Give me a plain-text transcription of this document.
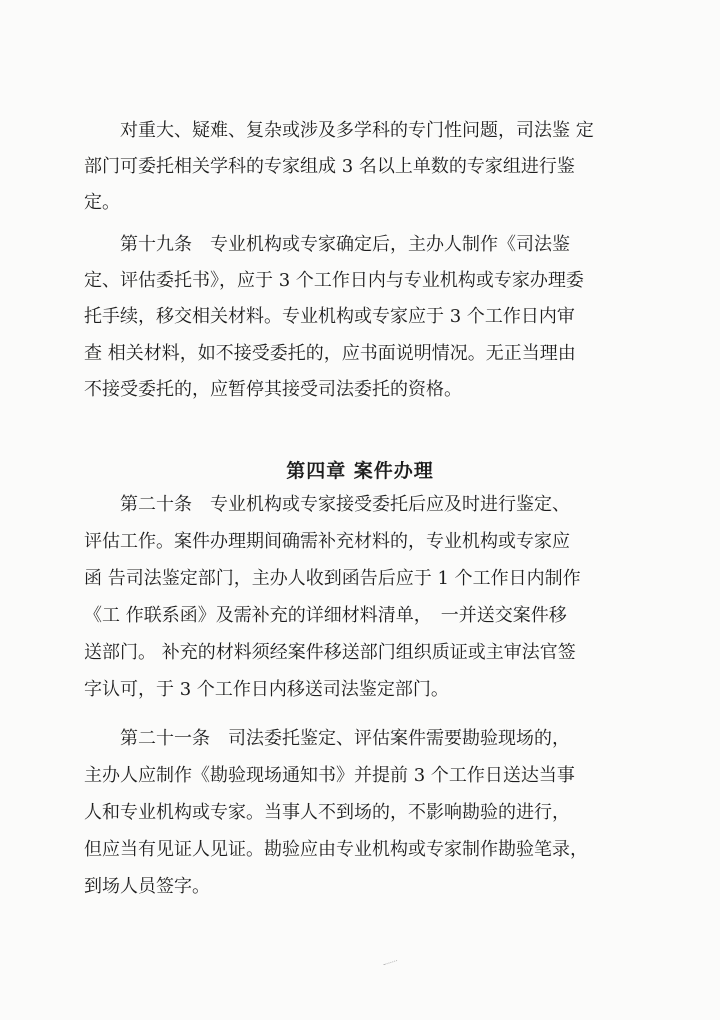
对重大、疑难、复杂或涉及多学科的专门性问题，司法鉴 定
部门可委托相关学科的专家组成 3 名以上单数的专家组进行鉴
定。
第十九条　专业机构或专家确定后，主办人制作《司法鉴
定、评估委托书》，应于 3 个工作日内与专业机构或专家办理委
托手续，移交相关材料。专业机构或专家应于 3 个工作日内审
查 相关材料，如不接受委托的，应书面说明情况。无正当理由
不接受委托的，应暂停其接受司法委托的资格。
第四章 案件办理
第二十条　专业机构或专家接受委托后应及时进行鉴定、
评估工作。案件办理期间确需补充材料的，专业机构或专家应
函 告司法鉴定部门，主办人收到函告后应于 1 个工作日内制作
《工 作联系函》及需补充的详细材料清单，　一并送交案件移
送部门。 补充的材料须经案件移送部门组织质证或主审法官签
字认可，于 3 个工作日内移送司法鉴定部门。
第二十一条　司法委托鉴定、评估案件需要勘验现场的，
主办人应制作《勘验现场通知书》并提前 3 个工作日送达当事
人和专业机构或专家。当事人不到场的，不影响勘验的进行，
但应当有见证人见证。勘验应由专业机构或专家制作勘验笔录，
到场人员签字。
